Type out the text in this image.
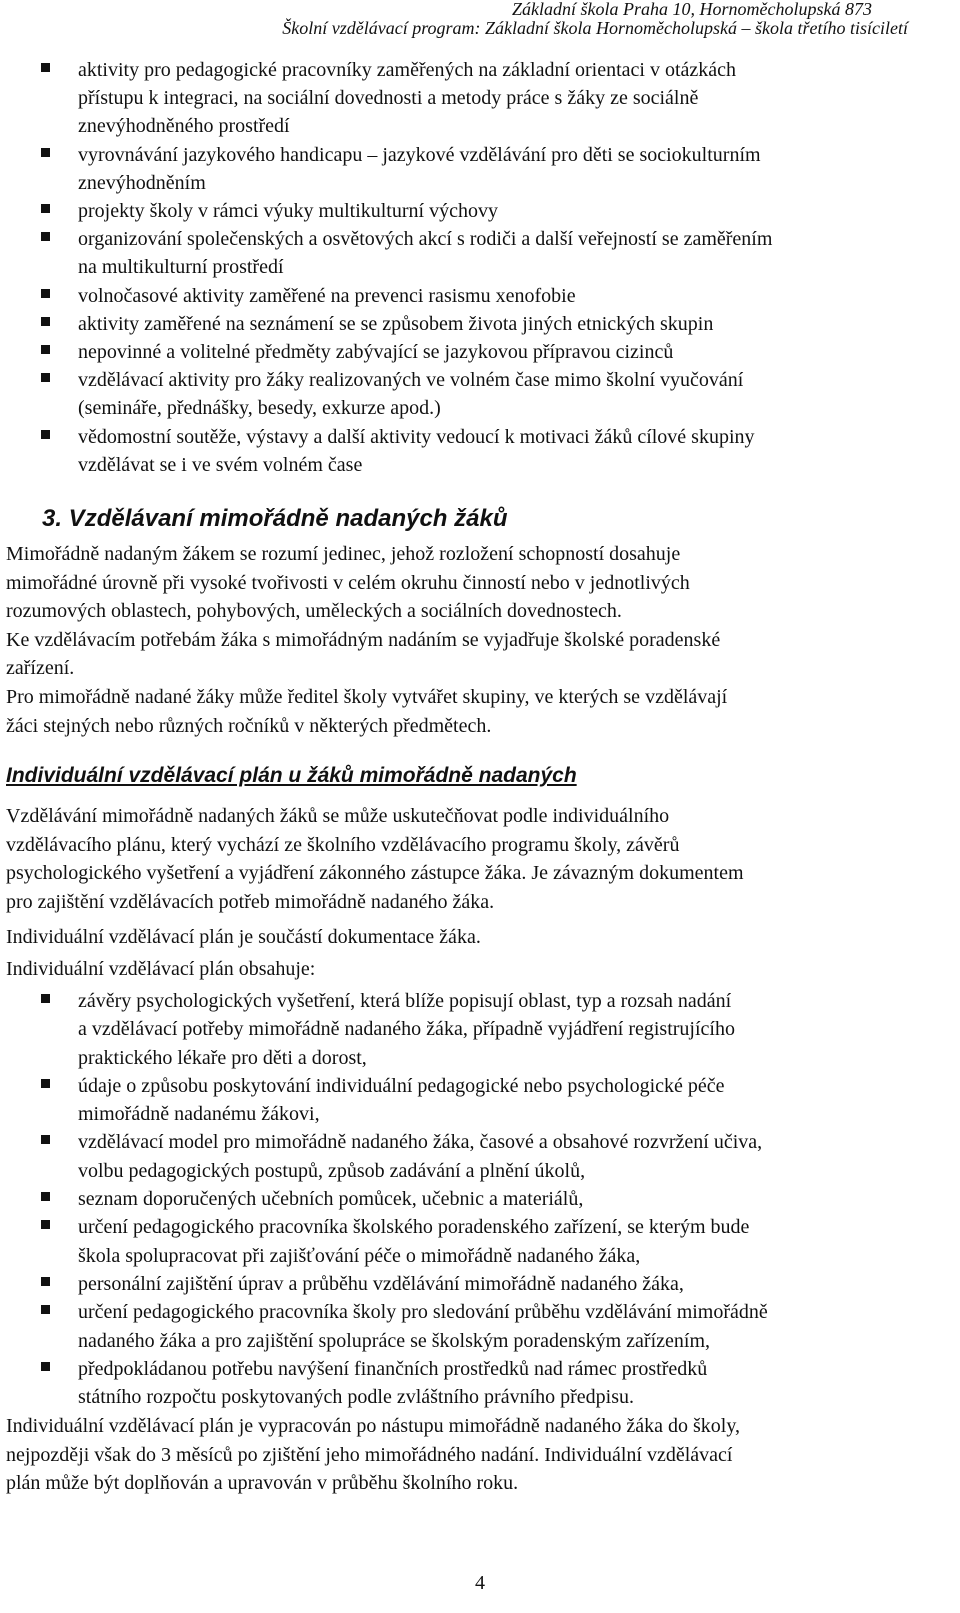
Základní škola Praha 10, Hornoměcholupská 873
Školní vzdělávací program: Základní škola Hornoměcholupská – škola třetího tisíciletí
aktivity pro pedagogické pracovníky zaměřených na základní orientaci v otázkách
přístupu k integraci, na sociální dovednosti a metody práce s žáky ze sociálně
znevýhodněného prostředí
vyrovnávání jazykového handicapu – jazykové vzdělávání pro děti se sociokulturním
znevýhodněním
projekty školy v rámci výuky multikulturní výchovy
organizování společenských a osvětových akcí s rodiči a další veřejností se zaměřením
na multikulturní prostředí
volnočasové aktivity zaměřené na prevenci rasismu xenofobie
aktivity zaměřené na seznámení se se způsobem života jiných etnických skupin
nepovinné a volitelné předměty zabývající se jazykovou přípravou cizinců
vzdělávací aktivity pro žáky realizovaných ve volném čase mimo školní vyučování
(semináře, přednášky, besedy, exkurze apod.)
vědomostní soutěže, výstavy a další aktivity vedoucí k motivaci žáků cílové skupiny
vzdělávat se i ve svém volném čase
3. Vzdělávaní mimořádně nadaných žáků
Mimořádně nadaným žákem se rozumí jedinec, jehož rozložení schopností dosahuje
mimořádné úrovně při vysoké tvořivosti v celém okruhu činností nebo v jednotlivých
rozumových oblastech, pohybových, uměleckých a sociálních dovednostech.
Ke vzdělávacím potřebám žáka s mimořádným nadáním se vyjadřuje školské poradenské
zařízení.
Pro mimořádně nadané žáky může ředitel školy vytvářet skupiny, ve kterých se vzdělávají
žáci stejných nebo různých ročníků v některých předmětech.
Individuální vzdělávací plán u žáků mimořádně nadaných
Vzdělávání mimořádně nadaných žáků se může uskutečňovat podle individuálního
vzdělávacího plánu, který vychází ze školního vzdělávacího programu školy, závěrů
psychologického vyšetření a vyjádření zákonného zástupce žáka. Je závazným dokumentem
pro zajištění vzdělávacích potřeb mimořádně nadaného žáka.
Individuální vzdělávací plán je součástí dokumentace žáka.
Individuální vzdělávací plán obsahuje:
závěry psychologických vyšetření, která blíže popisují oblast, typ a rozsah nadání
a vzdělávací potřeby mimořádně nadaného žáka, případně vyjádření registrujícího
praktického lékaře pro děti a dorost,
údaje o způsobu poskytování individuální pedagogické nebo psychologické péče
mimořádně nadanému žákovi,
vzdělávací model pro mimořádně nadaného žáka, časové a obsahové rozvržení učiva,
volbu pedagogických postupů, způsob zadávání a plnění úkolů,
seznam doporučených učebních pomůcek, učebnic a materiálů,
určení pedagogického pracovníka školského poradenského zařízení, se kterým bude
škola spolupracovat při zajišťování péče o mimořádně nadaného žáka,
personální zajištění úprav a průběhu vzdělávání mimořádně nadaného žáka,
určení pedagogického pracovníka školy pro sledování průběhu vzdělávání mimořádně
nadaného žáka a pro zajištění spolupráce se školským poradenským zařízením,
předpokládanou potřebu navýšení finančních prostředků nad rámec prostředků
státního rozpočtu poskytovaných podle zvláštního právního předpisu.
Individuální vzdělávací plán je vypracován po nástupu mimořádně nadaného žáka do školy,
nejpozději však do 3 měsíců po zjištění jeho mimořádného nadání. Individuální vzdělávací
plán může být doplňován a upravován v průběhu školního roku.
4
